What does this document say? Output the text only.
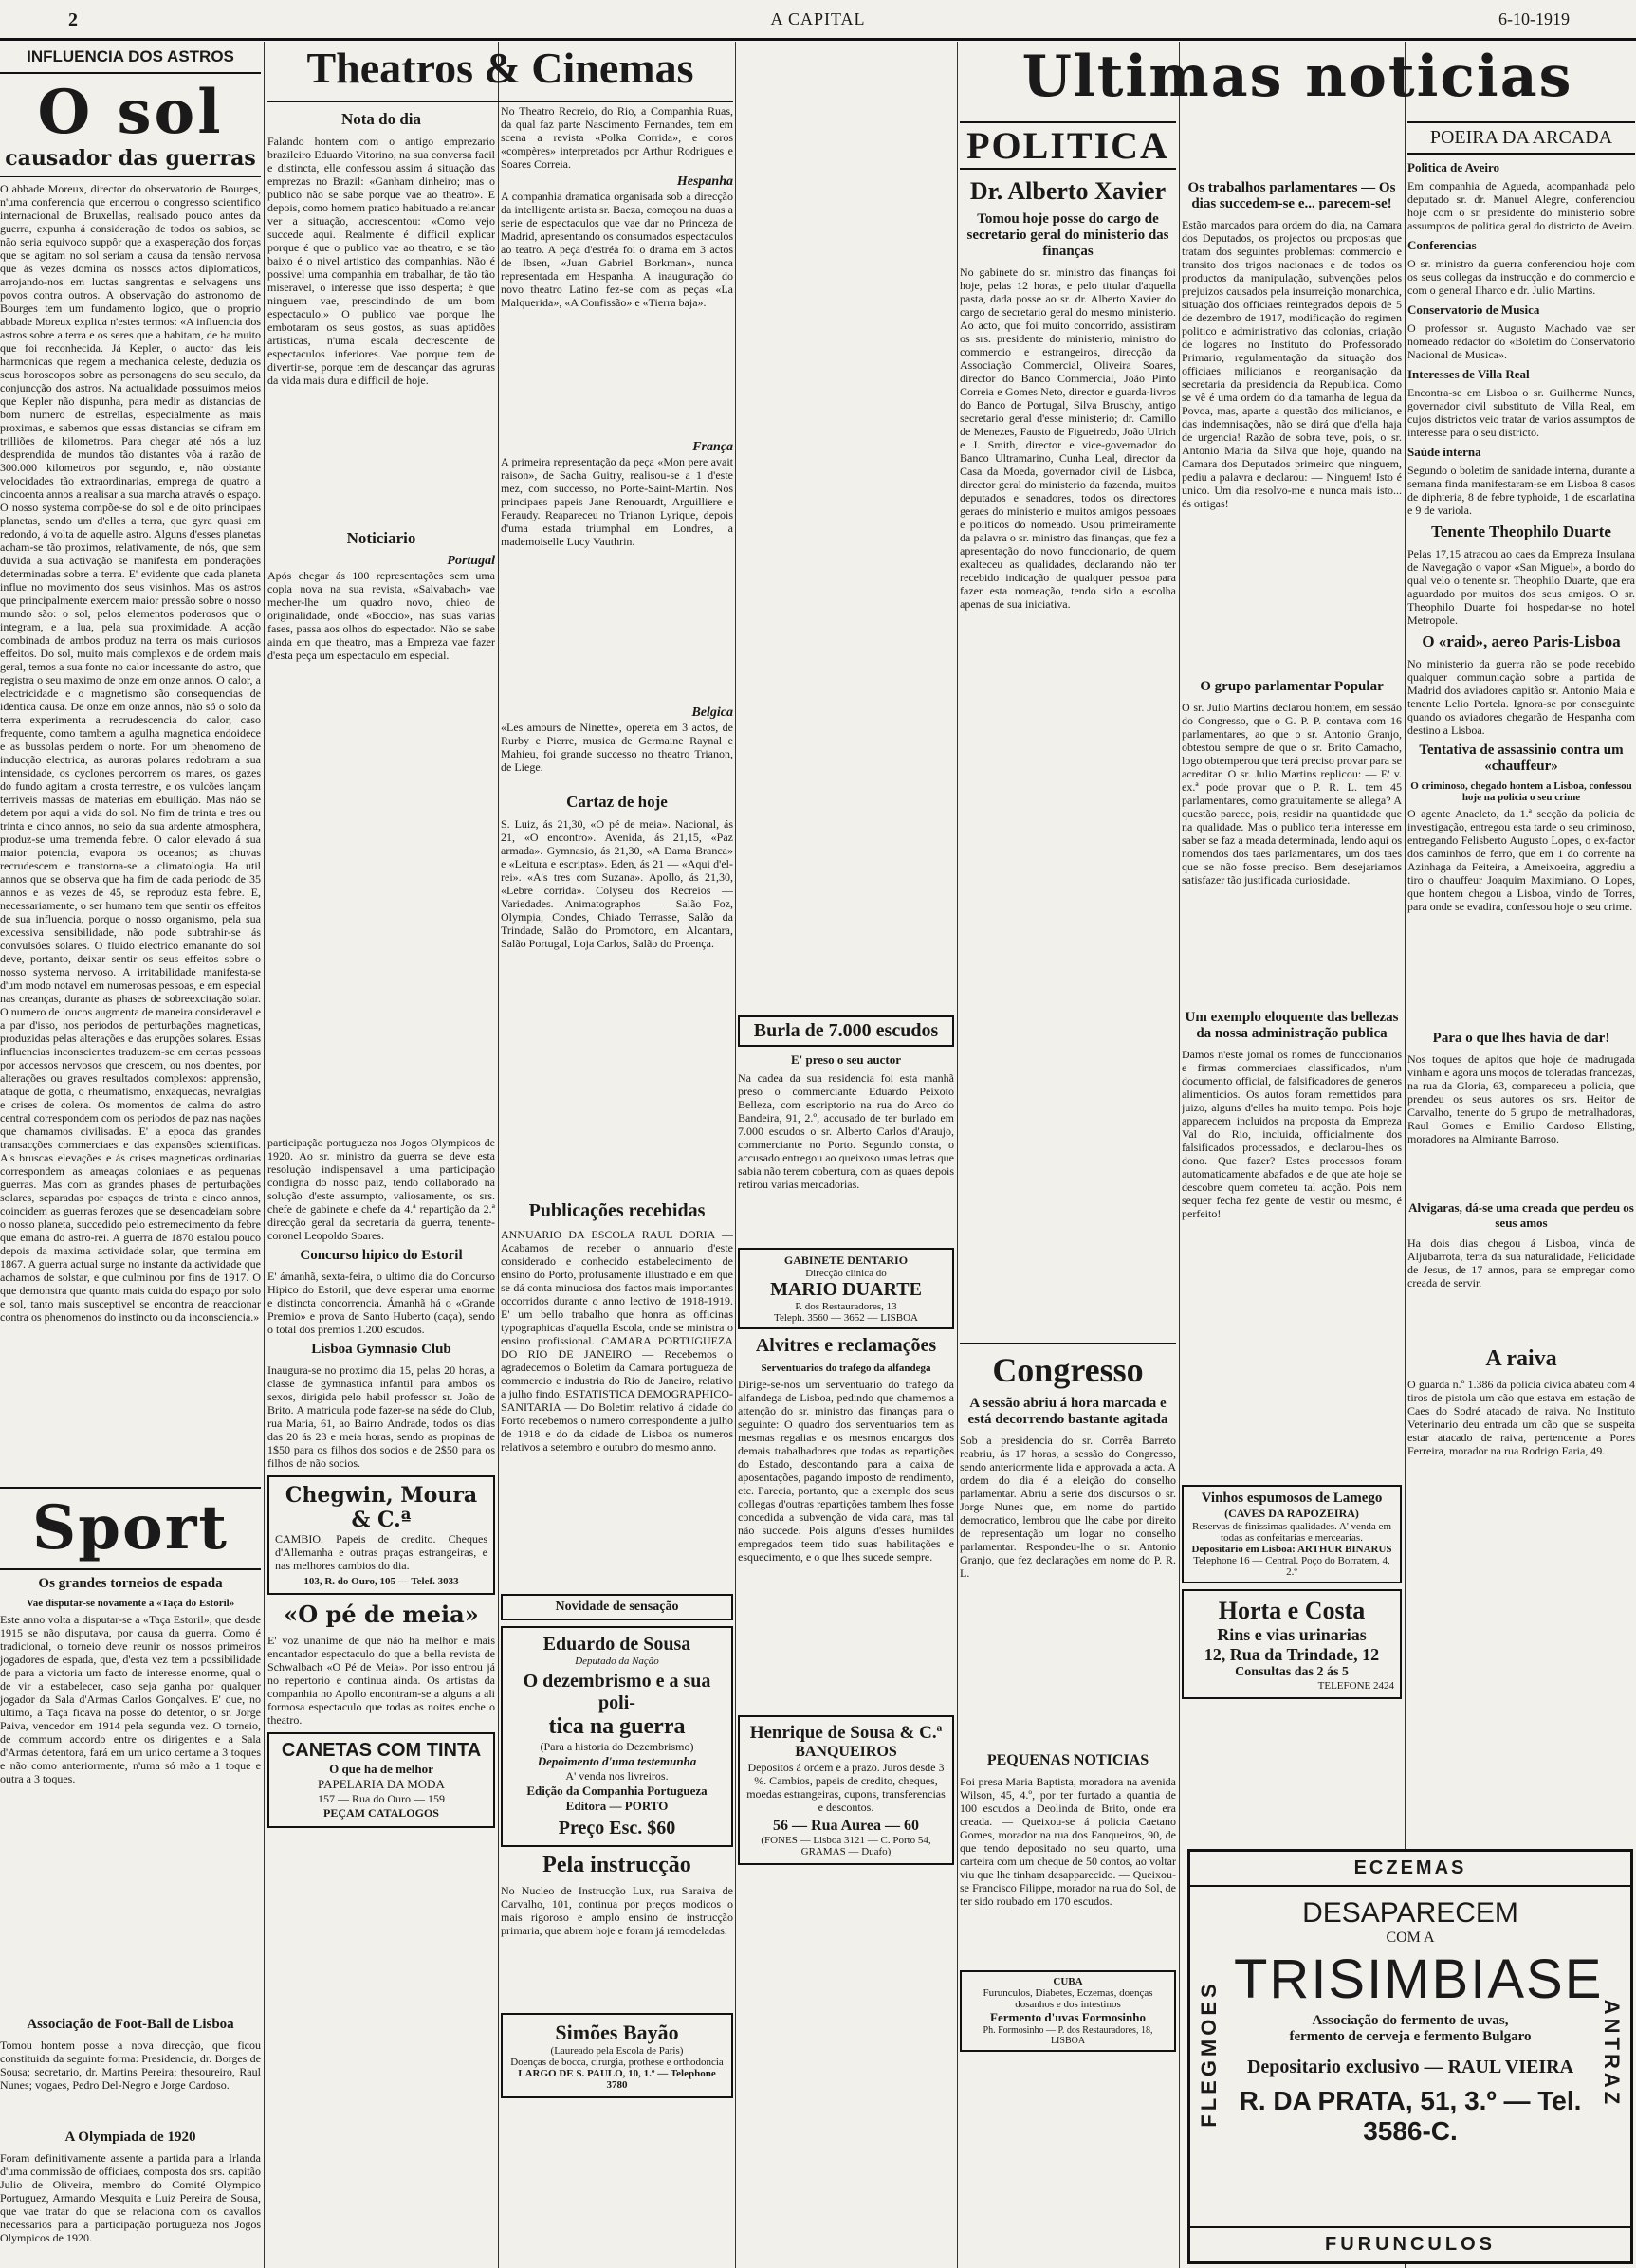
2	A CAPITAL	6-10-1919
INFLUENCIA DOS ASTROS
O sol
causador das guerras

O abbade Moreux, director do observatorio de Bourges, n'uma conferencia que encerrou o congresso scientifico internacional de Bruxellas, realisado pouco antes da guerra, expunha á consideração de todos os sabios, se não seria equivoco suppôr que a exasperação dos forças que se agitam no sol seriam a causa da tensão nervosa que ás vezes domina os nossos actos diplomaticos, arrojando-nos em luctas sangrentas e selvagens uns povos contra outros. A observação do astronomo de Bourges tem um fundamento logico, que o proprio abbade Moreux explica n'estes termos: «A influencia dos astros sobre a terra e os seres que a habitam, de ha muito que foi reconhecida. Já Kepler, o auctor das leis harmonicas que regem a mechanica celeste, deduzia os seus horoscopos sobre as personagens do seu seculo, da conjuncção dos astros. Na actualidade possuimos meios que Kepler não dispunha, para medir as distancias de bom numero de estrellas, especialmente as mais proximas, e sabemos que essas distancias se cifram em trilliões de kilometros. Para chegar até nós a luz desprendida de mundos tão distantes vôa á razão de 300.000 kilometros por segundo, e, não obstante velocidades tão extraordinarias, emprega de quatro a cincoenta annos a realisar a sua marcha através o espaço. O nosso systema compõe-se do sol e de oito principaes planetas, sendo um d'elles a terra, que gyra quasi em redondo, á volta de aquelle astro. Alguns d'esses planetas acham-se tão proximos, relativamente, de nós, que sem duvida a sua activação se manifesta em ponderações determinadas sobre a terra. E' evidente que cada planeta influe no movimento dos seus visinhos. Mas os astros que principalmente exercem maior pressão sobre o nosso mundo são: o sol, pelos elementos poderosos que o integram, e a lua, pela sua proximidade. A acção combinada de ambos produz na terra os mais curiosos effeitos. Do sol, muito mais complexos e de ordem mais geral, temos a sua fonte no calor incessante do astro, que registra o seu maximo de onze em onze annos. O calor, a electricidade e o magnetismo são consequencias de identica causa. De onze em onze annos, não só o solo da terra experimenta a recrudescencia do calor, caso frequente, como tambem a agulha magnetica endoidece e as bussolas perdem o norte. Por um phenomeno de inducção electrica, as auroras polares redobram a sua intensidade, os cyclones percorrem os mares, os gazes do fundo agitam a crosta terrestre, e os vulcões lançam terriveis massas de materias em ebullição. Mas não se detem por aqui a vida do sol. No fim de trinta e tres ou trinta e cinco annos, no seio da sua ardente atmosphera, produz-se uma tremenda febre. O calor elevado á sua maior potencia, evapora os oceanos; as chuvas recrudescem e transtorna-se a climatologia. Ha util annos que se observa que ha fim de cada periodo de 35 annos e as vezes de 45, se reproduz esta febre. E, necessariamente, o ser humano tem que sentir os effeitos de sua influencia, porque o nosso organismo, pela sua excessiva sensibilidade, não pode subtrahir-se ás convulsões solares. O fluido electrico emanante do sol deve, portanto, deixar sentir os seus effeitos sobre o nosso systema nervoso. A irritabilidade manifesta-se d'um modo notavel em numerosas pessoas, e em especial nas creanças, durante as phases de sobreexcitação solar. O numero de loucos augmenta de maneira consideravel e a par d'isso, nos periodos de perturbações magneticas, produzidas pelas alterações e das erupções solares. Essas influencias inconscientes traduzem-se em certas pessoas por accessos nervosos que crescem, ou nos doentes, por alterações ou graves resultados complexos: apprensão, ataque de gotta, o rheumatismo, enxaquecas, nevralgias e crises de colera. Os momentos de calma do astro central correspondem com os periodos de paz nas nações que chamamos civilisadas. E' a epoca das grandes transacções commerciaes e das expansões scientificas. A's bruscas elevações e ás crises magneticas ordinarias correspondem as ameaças coloniaes e as pequenas guerras. Mas com as grandes phases de perturbações solares, separadas por espaços de trinta e cinco annos, coincidem as guerras ferozes que se desencadeiam sobre o nosso planeta, succedido pelo estremecimento da febre que emana do astro-rei. A guerra de 1870 estalou pouco depois da maxima actividade solar, que termina em 1867. A guerra actual surge no instante da actividade que achamos de solstar, e que culminou por fins de 1917. O que demonstra que quanto mais cuida do espaço por solo e sol, tanto mais susceptivel se encontra de reaccionar contra os phenomenos do instincto ou da inconsciencia.»

Sport
Os grandes torneios de espada
Vae disputar-se novamente a «Taça do Estoril»

Este anno volta a disputar-se a «Taça Estoril», que desde 1915 se não disputava, por causa da guerra. Como é tradicional, o torneio deve reunir os nossos primeiros jogadores de espada, que, d'esta vez tem a possibilidade de para a victoria um facto de interesse enorme, qual o de vir a estabelecer, caso seja ganha por qualquer jogador da Sala d'Armas Carlos Gonçalves. E' que, no ultimo, a Taça ficava na posse do detentor, o sr. Jorge Paiva, vencedor em 1914 pela segunda vez. O torneio, de commum accordo entre os dirigentes e a Sala d'Armas detentora, fará em um unico certame a 3 toques e não como anteriormente, n'uma só mão a 1 toque e outra a 3 toques.

Associação de Foot-Ball de Lisboa

Tomou hontem posse a nova direcção, que ficou constituida da seguinte forma: Presidencia, dr. Borges de Sousa; secretario, dr. Martins Pereira; thesoureiro, Raul Nunes; vogaes, Pedro Del-Negro e Jorge Cardoso.

A Olympiada de 1920

Foram definitivamente assente a partida para a Irlanda d'uma commissão de officiaes, composta dos srs. capitão Julio de Oliveira, membro do Comité Olympico Portuguez, Armando Mesquita e Luiz Pereira de Sousa, que vae tratar do que se relaciona com os cavallos necessarios para a participação portugueza nos Jogos Olympicos de 1920.

participação portugueza nos Jogos Olympicos de 1920. Ao sr. ministro da guerra se deve esta resolução indispensavel a uma participação condigna do nosso paiz, tendo collaborado na solução d'este assumpto, valiosamente, os srs. chefe de gabinete e chefe da 4.ª repartição da 2.ª direcção geral da secretaria da guerra, tenente-coronel Leopoldo Soares.

Concurso hipico do Estoril

E' ámanhã, sexta-feira, o ultimo dia do Concurso Hipico do Estoril, que deve esperar uma enorme e distincta concorrencia. Ámanhã há o «Grande Premio» e prova de Santo Huberto (caça), sendo o total dos premios 1.200 escudos.

Lisboa Gymnasio Club

Inaugura-se no proximo dia 15, pelas 20 horas, a classe de gymnastica infantil para ambos os sexos, dirigida pelo habil professor sr. João de Brito. A matricula pode fazer-se na séde do Club, rua Maria, 61, ao Bairro Andrade, todos os dias das 20 ás 23 e meia horas, sendo as propinas de 1$50 para os filhos dos socios e de 2$50 para os filhos de não socios.

Chegwin, Moura & C.ª

CAMBIO. Papeis de credito. Cheques d'Allemanha e outras praças estrangeiras, e nas melhores cambios do dia.

103, R. do Ouro, 105 — Telef. 3033
«O pé de meia»

E' voz unanime de que não ha melhor e mais encantador espectaculo do que a bella revista de Schwalbach «O Pé de Meia». Por isso entrou já no repertorio e continua ainda. Os artistas da companhia no Apollo encontram-se a alguns a ali formosa espectaculo que todas as noites enche o theatro.

CANETAS COM TINTA
O que ha de melhor
PAPELARIA DA MODA
157 — Rua do Ouro — 159
PEÇAM CATALOGOS
Theatros & Cinemas
Nota do dia

Falando hontem com o antigo emprezario brazileiro Eduardo Vitorino, na sua conversa facil e distincta, elle confessou assim á situação das emprezas no Brazil: «Ganham dinheiro; mas o publico não se sabe porque vae ao theatro». E depois, como homem pratico habituado a relancar ver a situação, accrescentou: «Como vejo succede aqui. Realmente é difficil explicar porque é que o publico vae ao theatro, e se tão baixo é o nivel artistico das companhias. Não é possivel uma companhia em trabalhar, de tão tão miseravel, o interesse que isso desperta; é que ninguem vae, prescindindo de um bom espectaculo.» O publico vae porque lhe embotaram os seus gostos, as suas aptidões artisticas, n'uma escala decrescente de espectaculos inferiores. Vae porque tem de divertir-se, porque tem de descançar das agruras da vida mais dura e difficil de hoje.

Noticiario
Portugal

Após chegar ás 100 representações sem uma copla nova na sua revista, «Salvabach» vae mecher-lhe um quadro novo, chieo de originalidade, onde «Boccio», nas suas varias fases, passa aos olhos do espectador. Não se sabe ainda em que theatro, mas a Empreza vae fazer d'esta peça um espectaculo em especial.

Publicações recebidas

ANNUARIO DA ESCOLA RAUL DORIA — Acabamos de receber o annuario d'este considerado e conhecido estabelecimento de ensino do Porto, profusamente illustrado e em que se dá conta minuciosa dos factos mais importantes occorridos durante o anno lectivo de 1918-1919. E' um bello trabalho que honra as officinas typographicas d'aquella Escola, onde se ministra o ensino profissional. CAMARA PORTUGUEZA DO RIO DE JANEIRO — Recebemos o agradecemos o Boletim da Camara portugueza de commercio e industria do Rio de Janeiro, relativo a julho findo. ESTATISTICA DEMOGRAPHICO-SANITARIA — Do Boletim relativo á cidade do Porto recebemos o numero correspondente a julho de 1918 e do da cidade de Lisboa os numeros relativos a setembro e outubro do mesmo anno.

Novidade de sensação
Eduardo de Sousa
Deputado da Nação
O dezembrismo e a sua poli-
tica na guerra
(Para a historia do Dezembrismo)
Depoimento d'uma testemunha
A' venda nos livreiros.
Edição da Companhia Portugueza Editora — PORTO
Preço Esc. $60
Pela instrucção

No Nucleo de Instrucção Lux, rua Saraiva de Carvalho, 101, continua por preços modicos o mais rigoroso e amplo ensino de instrucção primaria, que abrem hoje e foram já remodeladas.

Simões Bayão
(Laureado pela Escola de Paris)
Doenças de bocca, cirurgia, prothese e orthodoncia
LARGO DE S. PAULO, 10, 1.º — Telephone 3780

No Theatro Recreio, do Rio, a Companhia Ruas, da qual faz parte Nascimento Fernandes, tem em scena a revista «Polka Corrida», e coros «compères» interpretados por Arthur Rodrigues e Soares Correia.

Hespanha

A companhia dramatica organisada sob a direcção da intelligente artista sr. Baeza, começou na duas a serie de espectaculos que vae dar no Princeza de Madrid, apresentando os consumados espectaculos ao teatro. A peça d'estréa foi o drama em 3 actos de Ibsen, «Juan Gabriel Borkman», nunca representada em Hespanha. A inauguração do novo theatro Latino fez-se com as peças «La Malquerida», «A Confissão» e «Tierra baja».

França

A primeira representação da peça «Mon pere avait raison», de Sacha Guitry, realisou-se a 1 d'este mez, com successo, no Porte-Saint-Martin. Nos principaes papeis Jane Renouardt, Arguilliere e Feraudy. Reapareceu no Trianon Lyrique, depois d'uma estada triumphal em Londres, a mademoiselle Lucy Vauthrin.

Belgica

«Les amours de Ninette», opereta em 3 actos, de Rurby e Pierre, musica de Germaine Raynal e Mahieu, foi grande successo no theatro Trianon, de Liege.

Cartaz de hoje

S. Luiz, ás 21,30, «O pé de meia». Nacional, ás 21, «O encontro». Avenida, ás 21,15, «Paz armada». Gymnasio, ás 21,30, «A Dama Branca» e «Leitura e escriptas». Eden, ás 21 — «Aqui d'el-rei». «A's tres com Suzana». Apollo, ás 21,30, «Lebre corrida». Colyseu dos Recreios — Variedades. Animatographos — Salão Foz, Olympia, Condes, Chiado Terrasse, Salão da Trindade, Salão do Promotoro, em Alcantara, Salão Portugal, Loja Carlos, Salão do Proença.

Ultimas noticias
Burla de 7.000 escudos
E' preso o seu auctor

Na cadea da sua residencia foi esta manhã preso o commerciante Eduardo Peixoto Belleza, com escriptorio na rua do Arco do Bandeira, 91, 2.º, accusado de ter burlado em 7.000 escudos o sr. Alberto Carlos d'Araujo, commerciante no Porto. Segundo consta, o accusado entregou ao queixoso umas letras que sabia não terem cobertura, com as quaes depois retirou varias mercadorias.

GABINETE DENTARIO
Direcção clinica do
MARIO DUARTE
P. dos Restauradores, 13
Teleph. 3560 — 3652 — LISBOA
Alvitres e reclamações
Serventuarios do trafego da alfandega

Dirige-se-nos um serventuario do trafego da alfandega de Lisboa, pedindo que chamemos a attenção do sr. ministro das finanças para o seguinte: O quadro dos serventuarios tem as mesmas regalias e os mesmos encargos dos demais trabalhadores que todas as repartições do Estado, descontando para a caixa de aposentações, pagando imposto de rendimento, etc. Parecia, portanto, que a exemplo dos seus collegas d'outras repartições tambem lhes fosse concedida a subvenção de vida cara, mas tal não succede. Pois alguns d'esses humildes empregados teem tido suas habilitações e esquecimento, e o que lhes sucede sempre.

Henrique de Sousa & C.ª
BANQUEIROS

Depositos á ordem e a prazo. Juros desde 3 %. Cambios, papeis de credito, cheques, moedas estrangeiras, cupons, transferencias e descontos.

56 — Rua Aurea — 60
(FONES — Lisboa 3121 — C. Porto 54, GRAMAS — Duafo)
POLITICA
Dr. Alberto Xavier
Tomou hoje posse do cargo de secretario geral do ministerio das finanças

No gabinete do sr. ministro das finanças foi hoje, pelas 12 horas, e pelo titular d'aquella pasta, dada posse ao sr. dr. Alberto Xavier do cargo de secretario geral do mesmo ministerio. Ao acto, que foi muito concorrido, assistiram os srs. presidente do ministerio, ministro do commercio e estrangeiros, direcção da Associação Commercial, Oliveira Soares, director do Banco Commercial, João Pinto Correia e Gomes Neto, director e guarda-livros do Banco de Portugal, Silva Bruschy, antigo secretario geral d'esse ministerio; dr. Camillo de Menezes, Fausto de Figueiredo, João Ulrich e J. Smith, director e vice-governador do Banco Ultramarino, Cunha Leal, director da Casa da Moeda, governador civil de Lisboa, director geral do ministerio da fazenda, muitos deputados e senadores, todos os directores geraes do ministerio e muitos amigos pessoaes e politicos do nomeado. Usou primeiramente da palavra o sr. ministro das finanças, que fez a apresentação do novo funccionario, de quem exalteceu as qualidades, declarando não ter recebido indicação de qualquer pessoa para fazer esta nomeação, tendo sido a escolha apenas de sua iniciativa.

Congresso
A sessão abriu á hora marcada e está decorrendo bastante agitada

Sob a presidencia do sr. Corrêa Barreto reabriu, ás 17 horas, a sessão do Congresso, sendo anteriormente lida e approvada a acta. A ordem do dia é a eleição do conselho parlamentar. Abriu a serie dos discursos o sr. Jorge Nunes que, em nome do partido democratico, lembrou que lhe cabe por direito de representação um logar no conselho parlamentar. Respondeu-lhe o sr. Antonio Granjo, que fez declarações em nome do P. R. L.

PEQUENAS NOTICIAS

Foi presa Maria Baptista, moradora na avenida Wilson, 45, 4.º, por ter furtado a quantia de 100 escudos a Deolinda de Brito, onde era creada. — Queixou-se á policia Caetano Gomes, morador na rua dos Fanqueiros, 90, de que tendo depositado no seu quarto, uma carteira com um cheque de 50 contos, ao voltar viu que lhe tinham desapparecido. — Queixou-se Francisco Filippe, morador na rua do Sol, de ter sido roubado em 170 escudos.

CUBA
Furunculos, Diabetes, Eczemas, doenças dosanhos e dos intestinos
Fermento d'uvas Formosinho
Ph. Formosinho — P. dos Restauradores, 18, LISBOA
Os trabalhos parlamentares — Os dias succedem-se e... parecem-se!

Estão marcados para ordem do dia, na Camara dos Deputados, os projectos ou propostas que tratam dos seguintes problemas: commercio e transito dos trigos nacionaes e de todos os productos da manipulação, subvenções pelos prejuizos causados pela insurreição monarchica, situação dos officiaes reintegrados depois de 5 de dezembro de 1917, modificação do regimen politico e administrativo das colonias, criação de logares no Instituto do Professorado Primario, regulamentação da situação dos officiaes milicianos e reorganisação da secretaria da presidencia da Republica. Como se vê é uma ordem do dia tamanha de legua da Povoa, mas, aparte a questão dos milicianos, e das indemnisações, não se dirá que d'ella haja de urgencia! Razão de sobra teve, pois, o sr. Antonio Maria da Silva que hoje, quando na Camara dos Deputados primeiro que ninguem, pediu a palavra e declarou: — Ninguem! Isto é unico. Um dia resolvo-me e nunca mais isto... és ortigas!

O grupo parlamentar Popular

O sr. Julio Martins declarou hontem, em sessão do Congresso, que o G. P. P. contava com 16 parlamentares, ao que o sr. Antonio Granjo, obtestou sempre de que o sr. Brito Camacho, logo obtemperou que terá preciso provar para se acreditar. O sr. Julio Martins replicou: — E' v. ex.ª pode provar que o P. R. L. tem 45 parlamentares, como gratuitamente se allega? A questão parece, pois, residir na quantidade que na qualidade. Mas o publico teria interesse em saber se faz a meada determinada, lendo aqui os nomendos dos taes parlamentares, um dos taes que se não fosse preciso. Bem desejariamos satisfazer tão justificada curiosidade.

Um exemplo eloquente das bellezas da nossa administração publica

Damos n'este jornal os nomes de funccionarios e firmas commerciaes classificados, n'um documento official, de falsificadores de generos alimenticios. Os autos foram remettidos para juizo, alguns d'elles ha muito tempo. Pois hoje apparecem incluidos na proposta da Empreza Val do Rio, incluida, officialmente dos falsificados processados, e declarou-lhes os dono. Que fazer? Estes processos foram automaticamente abafados e de que ate hoje se descobre quem cometeu tal acção. Pois nem sequer fecha fez gente de vestir ou mesmo, é perfeito!

Vinhos espumosos de Lamego
(CAVES DA RAPOZEIRA)
Reservas de finissimas qualidades. A' venda em todas as confeitarias e mercearias.
Depositario em Lisboa: ARTHUR BINARUS
Telephone 16 — Central. Poço do Borratem, 4, 2.º
Horta e Costa
Rins e vias urinarias
12, Rua da Trindade, 12
Consultas das 2 ás 5
TELEFONE 2424
POEIRA DA ARCADA
Politica de Aveiro

Em companhia de Agueda, acompanhada pelo deputado sr. dr. Manuel Alegre, conferenciou hoje com o sr. presidente do ministerio sobre assumptos de politica geral do districto de Aveiro.

Conferencias

O sr. ministro da guerra conferenciou hoje com os seus collegas da instrucção e do commercio e com o general Ilharco e dr. Julio Martins.

Conservatorio de Musica

O professor sr. Augusto Machado vae ser nomeado redactor do «Boletim do Conservatorio Nacional de Musica».

Interesses de Villa Real

Encontra-se em Lisboa o sr. Guilherme Nunes, governador civil substituto de Villa Real, em cujos districtos veio tratar de varios assumptos de interesse para o seu districto.

Saúde interna

Segundo o boletim de sanidade interna, durante a semana finda manifestaram-se em Lisboa 8 casos de diphteria, 8 de febre typhoide, 1 de escarlatina e 9 de variola.

Tenente Theophilo Duarte

Pelas 17,15 atracou ao caes da Empreza Insulana de Navegação o vapor «San Miguel», a bordo do qual velo o tenente sr. Theophilo Duarte, que era aguardado por muitos dos seus amigos. O sr. Theophilo Duarte foi hospedar-se no hotel Metropole.

O «raid», aereo Paris-Lisboa

No ministerio da guerra não se pode recebido qualquer communicação sobre a partida de Madrid dos aviadores capitão sr. Antonio Maia e tenente Lelio Portela. Ignora-se por conseguinte quando os aviadores chegarão de Hespanha com destino a Lisboa.

Tentativa de assassinio contra um «chauffeur»
O criminoso, chegado hontem a Lisboa, confessou hoje na policia o seu crime

O agente Anacleto, da 1.ª secção da policia de investigação, entregou esta tarde o seu criminoso, entregando Felisberto Augusto Lopes, o ex-factor dos caminhos de ferro, que em 1 do corrente na Azinhaga da Feiteira, a Ameixoeira, aggrediu a tiro o chauffeur Joaquim Maximiano. O Lopes, que hontem chegou a Lisboa, vindo de Torres, para onde se evadira, confessou hoje o seu crime.

Para o que lhes havia de dar!

Nos toques de apitos que hoje de madrugada vinham e agora uns moços de toleradas francezas, na rua da Gloria, 63, compareceu a policia, que prendeu os seus autores os srs. Heitor de Carvalho, tenente do 5 grupo de metralhadoras, Raul Gomes e Emilio Cardoso Ellsting, moradores na Almirante Barroso.

Alvigaras, dá-se uma creada que perdeu os seus amos

Ha dois dias chegou á Lisboa, vinda de Aljubarrota, terra da sua naturalidade, Felicidade de Jesus, de 17 annos, para se empregar como creada de servir.

A raiva

O guarda n.º 1.386 da policia civica abateu com 4 tiros de pistola um cão que estava em estação de Caes do Sodré atacado de raiva. No Instituto Veterinario deu entrada um cão que se suspeita estar atacado de raiva, pertencente a Pores Ferreira, morador na rua Rodrigo Faria, 49.

ECZEMAS
FLEGMOES	ANTRAZ
DESAPARECEM
COM A
TRISIMBIASE
Associação do fermento de uvas,
fermento de cerveja e fermento Bulgaro
Depositario exclusivo — RAUL VIEIRA
R. DA PRATA, 51, 3.º — Tel. 3586-C.
FURUNCULOS
